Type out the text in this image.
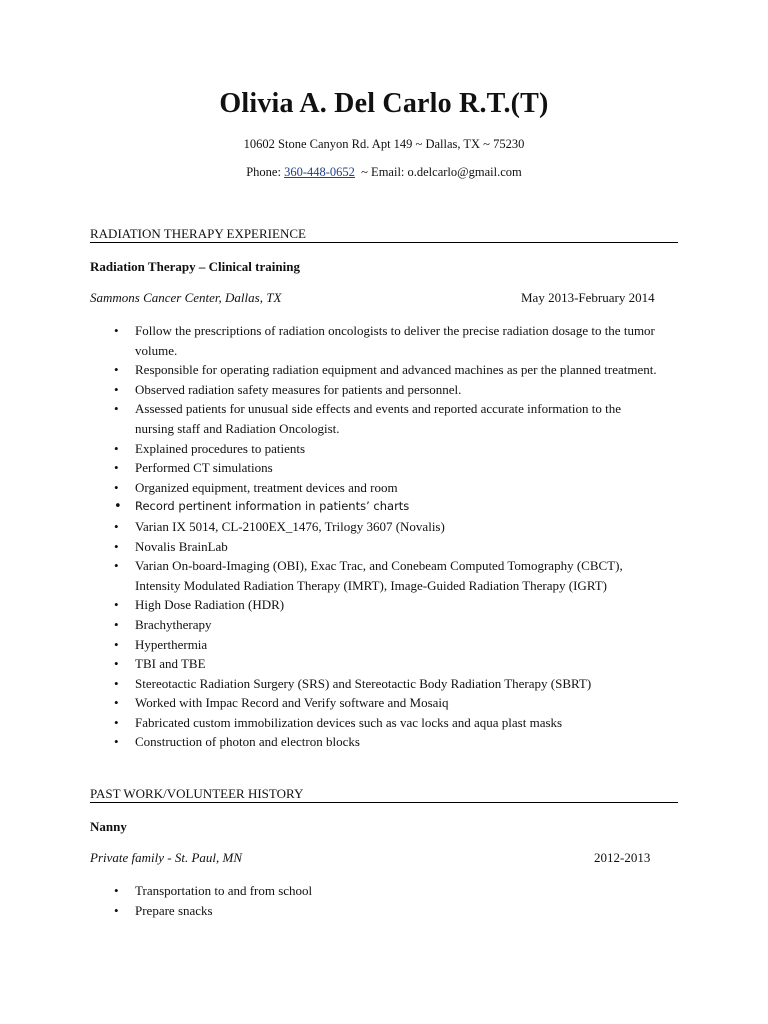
Olivia A. Del Carlo R.T.(T)
10602 Stone Canyon Rd. Apt 149 ~ Dallas, TX ~ 75230
Phone: 360-448-0652  ~ Email: o.delcarlo@gmail.com
RADIATION THERAPY EXPERIENCE
Radiation Therapy – Clinical training
Sammons Cancer Center, Dallas, TX	May 2013-February 2014
• Follow the prescriptions of radiation oncologists to deliver the precise radiation dosage to the tumor volume.
• Responsible for operating radiation equipment and advanced machines as per the planned treatment.
• Observed radiation safety measures for patients and personnel.
• Assessed patients for unusual side effects and events and reported accurate information to the nursing staff and Radiation Oncologist.
• Explained procedures to patients
• Performed CT simulations
• Organized equipment, treatment devices and room
• Record pertinent information in patients’ charts
• Varian IX 5014, CL-2100EX_1476, Trilogy 3607 (Novalis)
• Novalis BrainLab
• Varian On-board-Imaging (OBI), Exac Trac, and Conebeam Computed Tomography (CBCT), Intensity Modulated Radiation Therapy (IMRT), Image-Guided Radiation Therapy (IGRT)
• High Dose Radiation (HDR)
• Brachytherapy
• Hyperthermia
• TBI and TBE
• Stereotactic Radiation Surgery (SRS) and Stereotactic Body Radiation Therapy (SBRT)
• Worked with Impac Record and Verify software and Mosaiq
• Fabricated custom immobilization devices such as vac locks and aqua plast masks
• Construction of photon and electron blocks
PAST WORK/VOLUNTEER HISTORY
Nanny
Private family - St. Paul, MN	2012-2013
• Transportation to and from school
• Prepare snacks
